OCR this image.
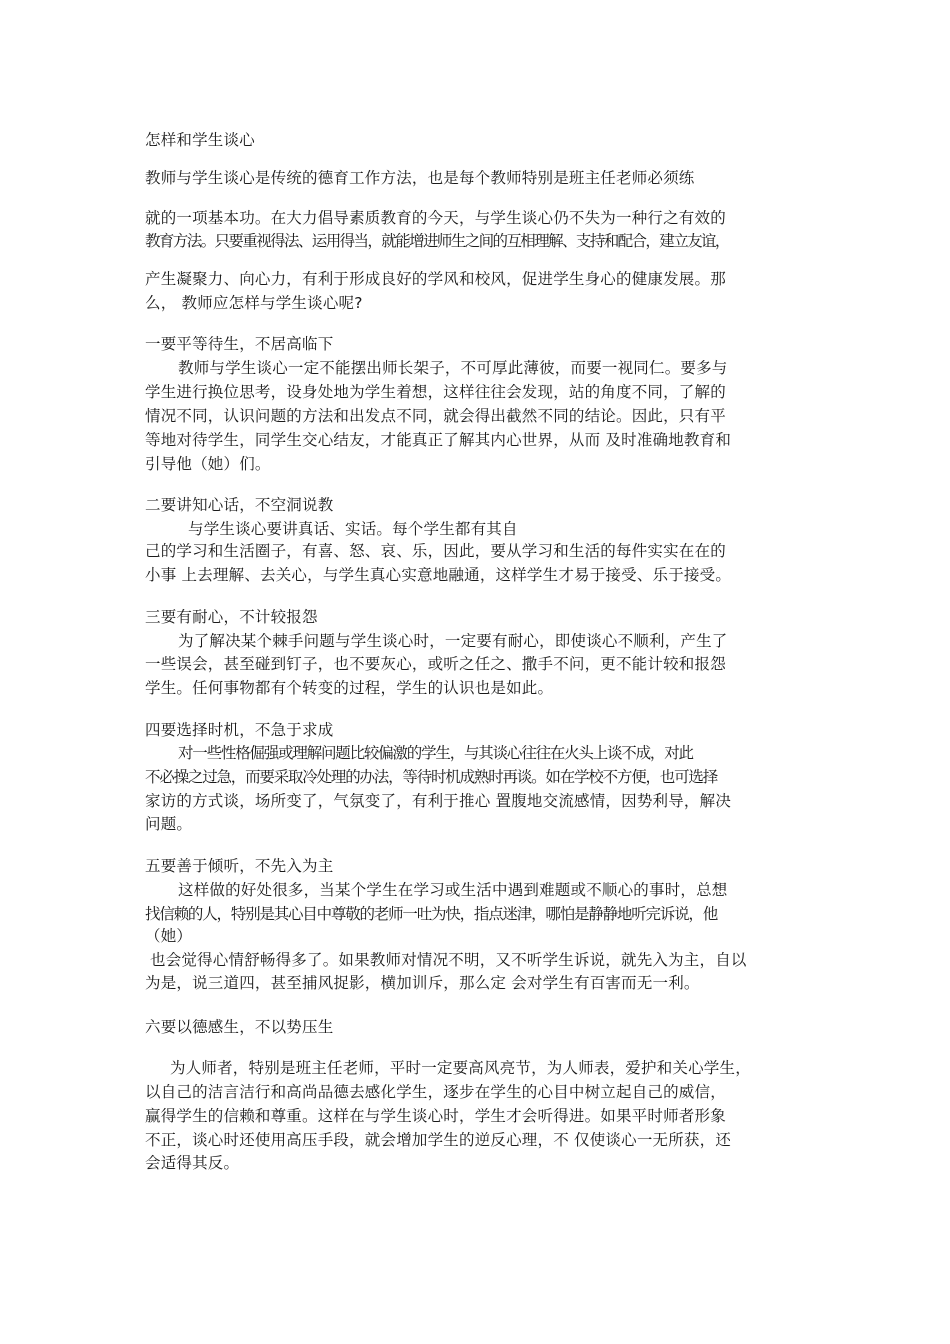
怎样和学生谈心
教师与学生谈心是传统的德育工作方法，也是每个教师特别是班主任老师必须练
就的一项基本功。在大力倡导素质教育的今天，与学生谈心仍不失为一种行之有效的
教育方法。只要重视得法、运用得当，就能增进师生之间的互相理解、支持和配合，建立友谊，
产生凝聚力、向心力，有利于形成良好的学风和校风，促进学生身心的健康发展。那
么， 教师应怎样与学生谈心呢?
一要平等待生，不居高临下
教师与学生谈心一定不能摆出师长架子，不可厚此薄彼，而要一视同仁。要多与
学生进行换位思考，设身处地为学生着想，这样往往会发现，站的角度不同，了解的
情况不同，认识问题的方法和出发点不同，就会得出截然不同的结论。因此，只有平
等地对待学生，同学生交心结友，才能真正了解其内心世界，从而 及时准确地教育和
引导他（她）们。
二要讲知心话，不空洞说教
与学生谈心要讲真话、实话。每个学生都有其自
己的学习和生活圈子，有喜、怒、哀、乐，因此，要从学习和生活的每件实实在在的
小事 上去理解、去关心，与学生真心实意地融通，这样学生才易于接受、乐于接受。
三要有耐心，不计较报怨
为了解决某个棘手问题与学生谈心时，一定要有耐心，即使谈心不顺利，产生了
一些误会，甚至碰到钉子，也不要灰心，或听之任之、撒手不问，更不能计较和报怨
学生。任何事物都有个转变的过程，学生的认识也是如此。
四要选择时机，不急于求成
对一些性格倔强或理解问题比较偏激的学生，与其谈心往往在火头上谈不成，对此
不必操之过急，而要采取冷处理的办法，等待时机成熟时再谈。如在学校不方便，也可选择
家访的方式谈，场所变了，气氛变了，有利于推心 置腹地交流感情，因势利导，解决
问题。
五要善于倾听，不先入为主
这样做的好处很多，当某个学生在学习或生活中遇到难题或不顺心的事时，总想
找信赖的人，特别是其心目中尊敬的老师一吐为快，指点迷津，哪怕是静静地听完诉说，他
（她）
也会觉得心情舒畅得多了。如果教师对情况不明，又不听学生诉说，就先入为主，自以
为是，说三道四，甚至捕风捉影，横加训斥，那么定 会对学生有百害而无一利。
六要以德感生，不以势压生
为人师者，特别是班主任老师，平时一定要高风亮节，为人师表，爱护和关心学生，
以自己的洁言洁行和高尚品德去感化学生，逐步在学生的心目中树立起自己的威信，
赢得学生的信赖和尊重。这样在与学生谈心时，学生才会听得进。如果平时师者形象
不正，谈心时还使用高压手段，就会增加学生的逆反心理，不 仅使谈心一无所获，还
会适得其反。
